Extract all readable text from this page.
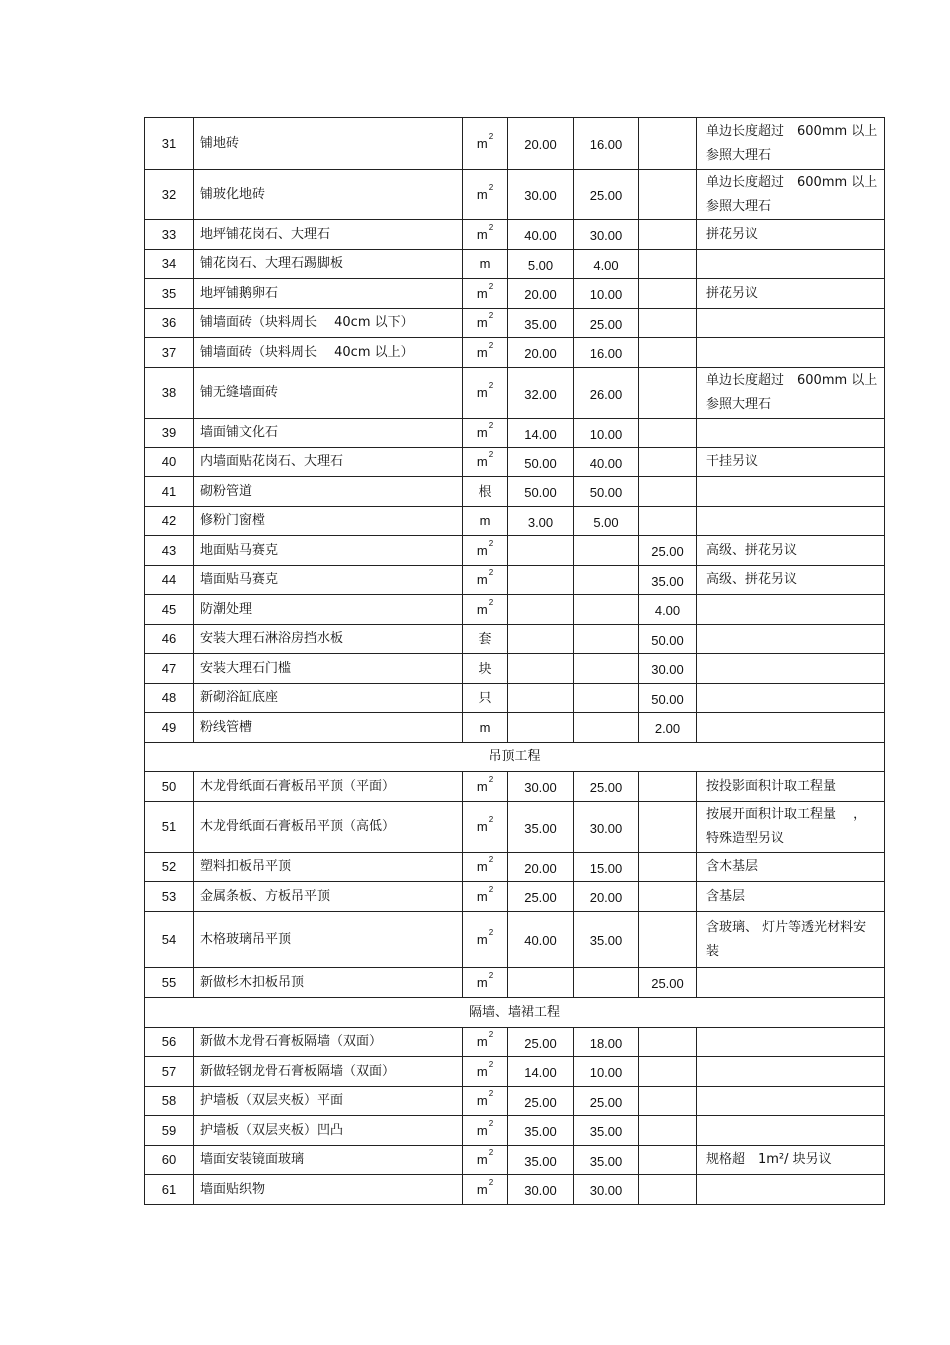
31	铺地砖	$m^2$	20.00	16.00		单边长度超过　600mm 以上参照大理石
32	铺玻化地砖	$m^2$	30.00	25.00		单边长度超过　600mm 以上参照大理石
33	地坪铺花岗石、大理石	$m^2$	40.00	30.00		拼花另议
34	铺花岗石、大理石踢脚板	m	5.00	4.00		
35	地坪铺鹅卵石	$m^2$	20.00	10.00		拼花另议
36	铺墙面砖（块料周长　 40cm 以下）	$m^2$	35.00	25.00		
37	铺墙面砖（块料周长　 40cm 以上）	$m^2$	20.00	16.00		
38	铺无缝墙面砖	$m^2$	32.00	26.00		单边长度超过　600mm 以上参照大理石
39	墙面铺文化石	$m^2$	14.00	10.00		
40	内墙面贴花岗石、大理石	$m^2$	50.00	40.00		干挂另议
41	砌粉管道	根	50.00	50.00		
42	修粉门窗樘	m	3.00	5.00		
43	地面贴马赛克	$m^2$			25.00	高级、拼花另议
44	墙面贴马赛克	$m^2$			35.00	高级、拼花另议
45	防潮处理	$m^2$			4.00	
46	安装大理石淋浴房挡水板	套			50.00	
47	安装大理石门槛	块			30.00	
48	新砌浴缸底座	只			50.00	
49	粉线管槽	m			2.00	
吊顶工程						
50	木龙骨纸面石膏板吊平顶（平面）	$m^2$	30.00	25.00		按投影面积计取工程量
51	木龙骨纸面石膏板吊平顶（高低）	$m^2$	35.00	30.00		按展开面积计取工程量　 ，特殊造型另议
52	塑料扣板吊平顶	$m^2$	20.00	15.00		含木基层
53	金属条板、方板吊平顶	$m^2$	25.00	20.00		含基层
54	木格玻璃吊平顶	$m^2$	40.00	35.00		含玻璃、 灯片等透光材料安装
55	新做杉木扣板吊顶	$m^2$			25.00	
隔墙、墙裙工程						
56	新做木龙骨石膏板隔墙（双面）	$m^2$	25.00	18.00		
57	新做轻钢龙骨石膏板隔墙（双面）	$m^2$	14.00	10.00		
58	护墙板（双层夹板）平面	$m^2$	25.00	25.00		
59	护墙板（双层夹板）凹凸	$m^2$	35.00	35.00		
60	墙面安装镜面玻璃	$m^2$	35.00	35.00		规格超　1m²/ 块另议
61	墙面贴织物	$m^2$	30.00	30.00		
